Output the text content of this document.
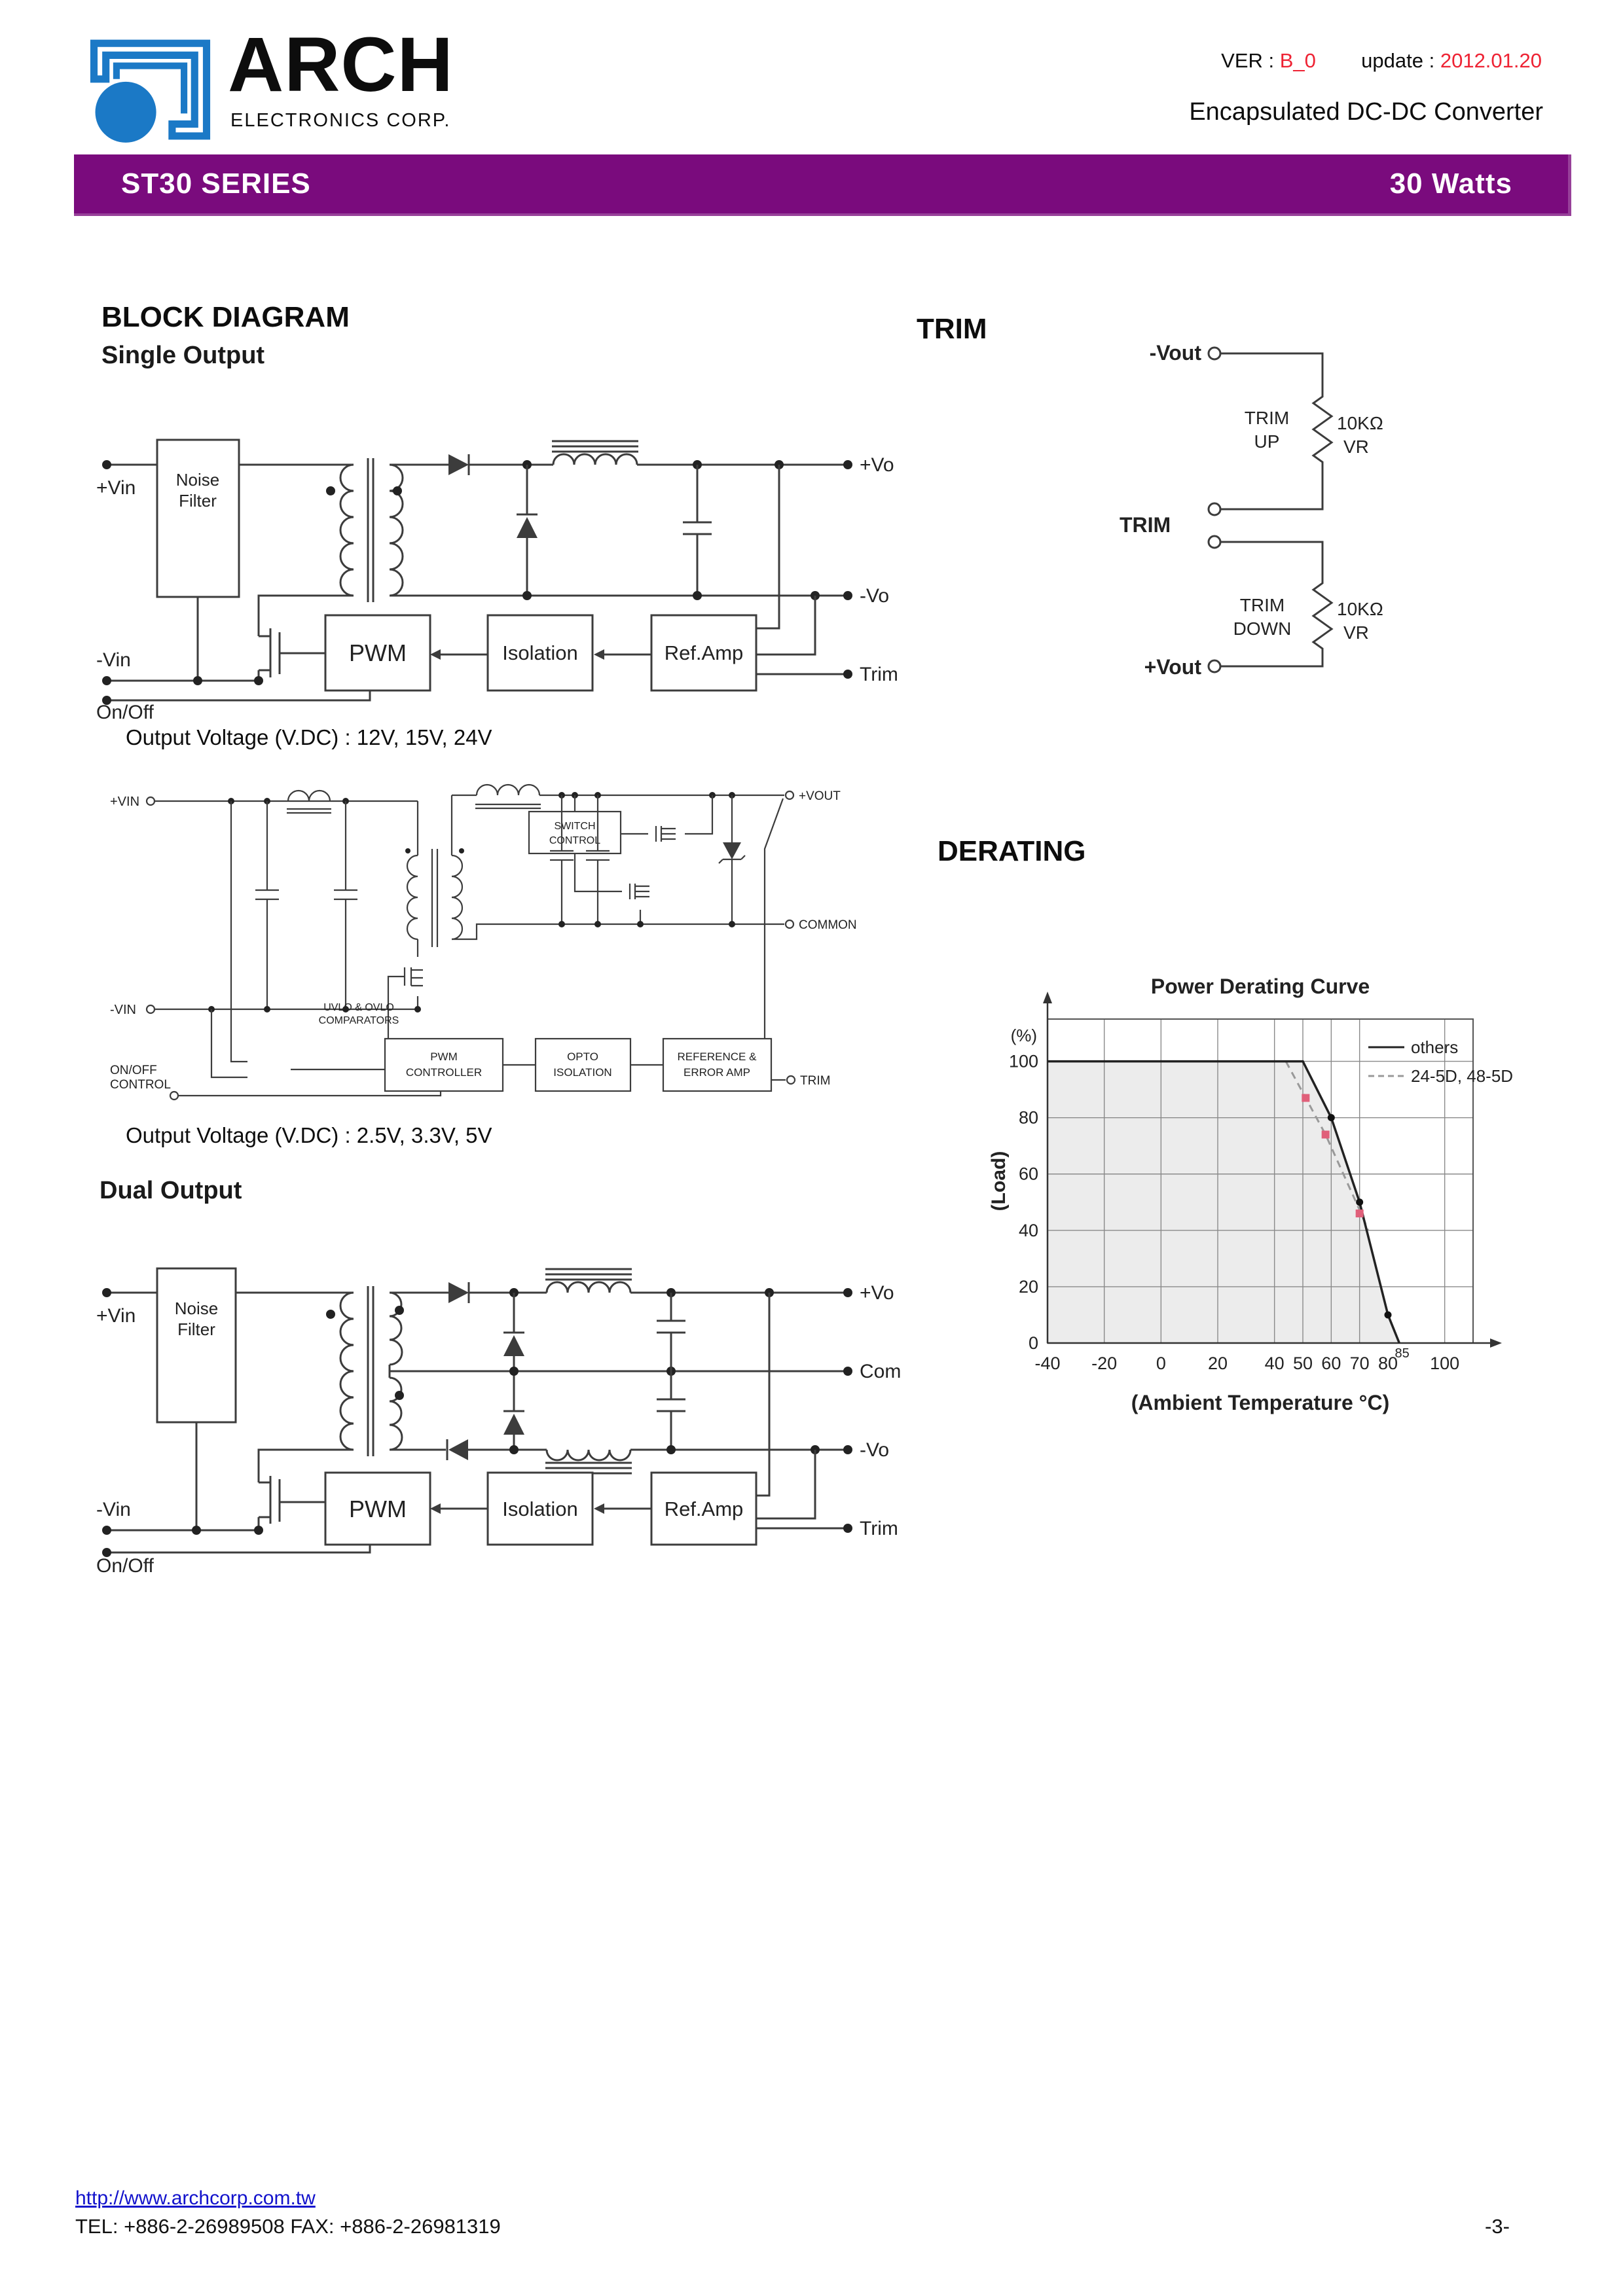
ARCH
ELECTRONICS CORP.
VER : B_0 update : 2012.01.20
Encapsulated DC-DC Converter
ST30 SERIES	30 Watts
BLOCK DIAGRAM
Single Output
Noise
Filter
+Vin
+Vo
-Vo
-Vin
On/Off
PWM	Isolation	Ref.Amp
Trim
Output Voltage (V.DC) : 12V, 15V, 24V
+VIN
-VIN	UVLO & OVLO
COMPARATORS
ON/OFF
CONTROL
PWM
CONTROLLER
OPTO
ISOLATION
REFERENCE &
ERROR AMP
SWITCH
CONTROL
+VOUT
COMMON
TRIM
Output Voltage (V.DC) : 2.5V, 3.3V, 5V
Dual Output
Noise
Filter
+Vin
+Vo
Com
-Vo
-Vin
On/Off
PWM	Isolation	Ref.Amp
Trim
TRIM
-Vout
TRIM
+Vout
TRIM
UP
10KΩ
VR
TRIM
DOWN
10KΩ
VR
DERATING
0
20
40
60
80
100
-40 -20 0 20 40 50 60 70 80 100
85
Power Derating Curve
(%)
(Load)
(Ambient Temperature °C)
others
24-5D, 48-5D
http://www.archcorp.com.tw
TEL: +886-2-26989508 FAX: +886-2-26981319	-3-
